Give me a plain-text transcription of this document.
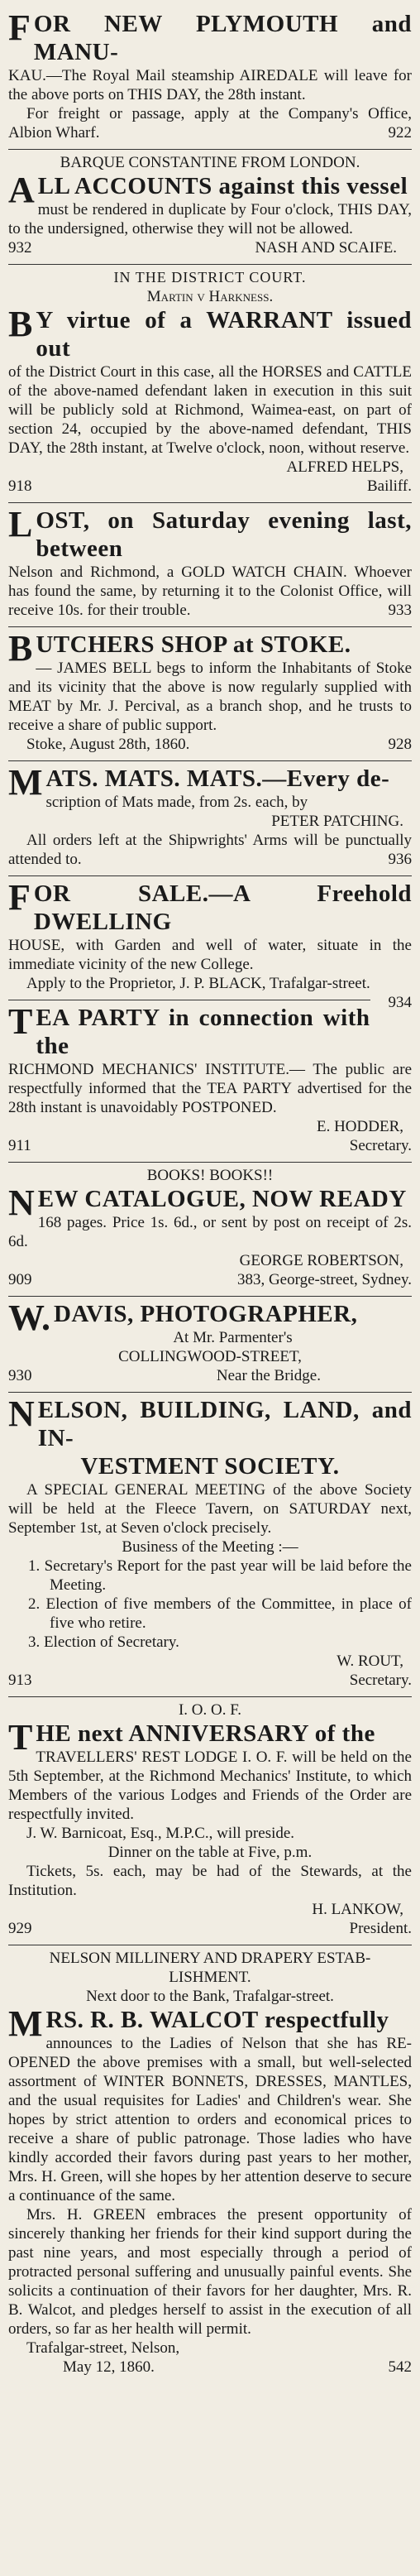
FOR NEW PLYMOUTH and MANU-

KAU.—The Royal Mail steamship AIREDALE will leave for the above ports on THIS DAY, the 28th instant.

For freight or passage, apply at the Company's Office, Albion Wharf.	922

BARQUE CONSTANTINE FROM LONDON.

ALL ACCOUNTS against this vessel

must be rendered in duplicate by Four o'clock, THIS DAY, to the undersigned, otherwise they will not be allowed.

932	NASH AND SCAIFE.

IN THE DISTRICT COURT.

Martin v Harkness.

B Y virtue of a WARRANT issued out

of the District Court in this case, all the HORSES and CATTLE of the above-named defendant laken in execution in this suit will be publicly sold at Richmond, Waimea-east, on part of section 24, occupied by the above-named defendant, THIS DAY, the 28th instant, at Twelve o'clock, noon, without reserve.

ALFRED HELPS,

918	Bailiff.

LOST, on Saturday evening last, between

Nelson and Richmond, a GOLD WATCH CHAIN. Whoever has found the same, by returning it to the Colonist Office, will receive 10s. for their trouble.	933

BUTCHERS SHOP at STOKE.

— JAMES BELL begs to inform the Inhabitants of Stoke and its vicinity that the above is now regularly supplied with MEAT by Mr. J. Percival, as a branch shop, and he trusts to receive a share of public support.

Stoke, August 28th, 1860.	928

MATS. MATS. MATS.—Every de-

scription of Mats made, from 2s. each, by

PETER PATCHING.

All orders left at the Shipwrights' Arms will be punctually attended to.	936

FOR SALE.—A Freehold DWELLING

HOUSE, with Garden and well of water, situate in the immediate vicinity of the new College.

Apply to the Proprietor, J. P. BLACK, Trafalgar-street.
934

TEA PARTY in connection with the

RICHMOND MECHANICS' INSTITUTE.— The public are respectfully informed that the TEA PARTY advertised for the 28th instant is unavoidably POSTPONED.

E. HODDER,

911	Secretary.

BOOKS! BOOKS!!

NEW CATALOGUE, NOW READY

168 pages. Price 1s. 6d., or sent by post on receipt of 2s. 6d.

GEORGE ROBERTSON,

909	383, George-street, Sydney.

W. DAVIS, PHOTOGRAPHER,

At Mr. Parmenter's

COLLINGWOOD-STREET,

930	Near the Bridge.

NELSON, BUILDING, LAND, and IN-

VESTMENT SOCIETY.

A SPECIAL GENERAL MEETING of the above Society will be held at the Fleece Tavern, on SATURDAY next, September 1st, at Seven o'clock precisely.

Business of the Meeting :—

1. Secretary's Report for the past year will be laid before the Meeting.

2. Election of five members of the Committee, in place of five who retire.

3. Election of Secretary.

W. ROUT,

913	Secretary.

I. O. O. F.

THE next ANNIVERSARY of the

TRAVELLERS' REST LODGE I. O. F. will be held on the 5th September, at the Richmond Mechanics' Institute, to which Members of the various Lodges and Friends of the Order are respectfully invited.

J. W. Barnicoat, Esq., M.P.C., will preside.

Dinner on the table at Five, p.m.

Tickets, 5s. each, may be had of the Stewards, at the Institution.

H. LANKOW,

929	President.

NELSON MILLINERY AND DRAPERY ESTAB-

LISHMENT.

Next door to the Bank, Trafalgar-street.

MRS. R. B. WALCOT respectfully

announces to the Ladies of Nelson that she has RE-OPENED the above premises with a small, but well-selected assortment of WINTER BONNETS, DRESSES, MANTLES, and the usual requisites for Ladies' and Children's wear. She hopes by strict attention to orders and economical prices to receive a share of public patronage. Those ladies who have kindly accorded their favors during past years to her mother, Mrs. H. Green, will she hopes by her attention deserve to secure a continuance of the same.

Mrs. H. GREEN embraces the present opportunity of sincerely thanking her friends for their kind support during the past nine years, and most especially through a period of protracted personal suffering and unusually painful events. She solicits a continuation of their favors for her daughter, Mrs. R. B. Walcot, and pledges herself to assist in the execution of all orders, so far as her health will permit.

Trafalgar-street, Nelson,

May 12, 1860.	542
